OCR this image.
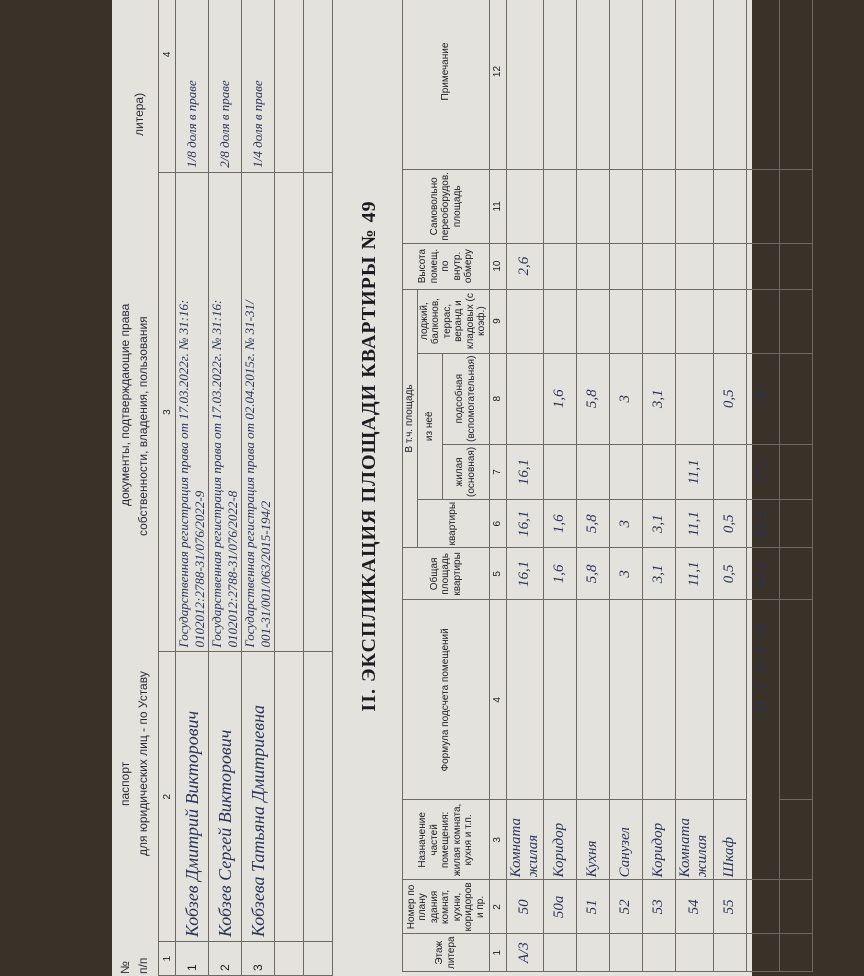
№ п/п
паспорт для юридических лиц - по Уставу
документы, подтверждающие права собственности, владения, пользования
литера)
1	2	3	4
1	Кобзев Дмитрий Викторович	Государственная регистрация права от 17.03.2022г. № 31:16: 0102012:2788-31/076/2022-9	1/8 доля в праве
2	Кобзев Сергей Викторович	Государственная регистрация права от 17.03.2022г. № 31:16: 0102012:2788-31/076/2022-8	2/8 доля в праве
3	Кобзева Татьяна Дмитриевна	Государственная регистрация права от 02.04.2015г. № 31-31/ 001-31/001/063/2015-194/2	1/4 доля в праве

II. ЭКСПЛИКАЦИЯ ПЛОЩАДИ КВАРТИРЫ № 49
Этаж литера	Номер по плану здания комнат, кухни, коридоров и пр.	Назначение частей помещения: жилая комната, кухня и т.п.	Формула подсчета помещений	Общая площадь квартиры	В т.ч. площадь				Высота помещ. по внутр. обмеру	Самовольно переоборудов. площадь	Примечание
					квартиры	из неё		лоджий, балконов, террас, веранд и кладовых (с коэф.)			
						жилая (основная)	подсобная (вспомогательная)				
1	2	3	4	5	6	7	8	9	10	11	12
А/3	50	Комната жилая		16,1	16,1	16,1			2,6		
	50а	Коридор		1,6	1,6		1,6				
	51	Кухня		5,8	5,8		5,8				
	52	Санузел		3	3		3				
	53	Коридор		3,1	3,1		3,1				
	54	Комната жилая		11,1	11,1	11,1					
	55	Шкаф		0,5	0,5		0,5				
		И Т О Г О		41,2	41,2	27,2	14				
